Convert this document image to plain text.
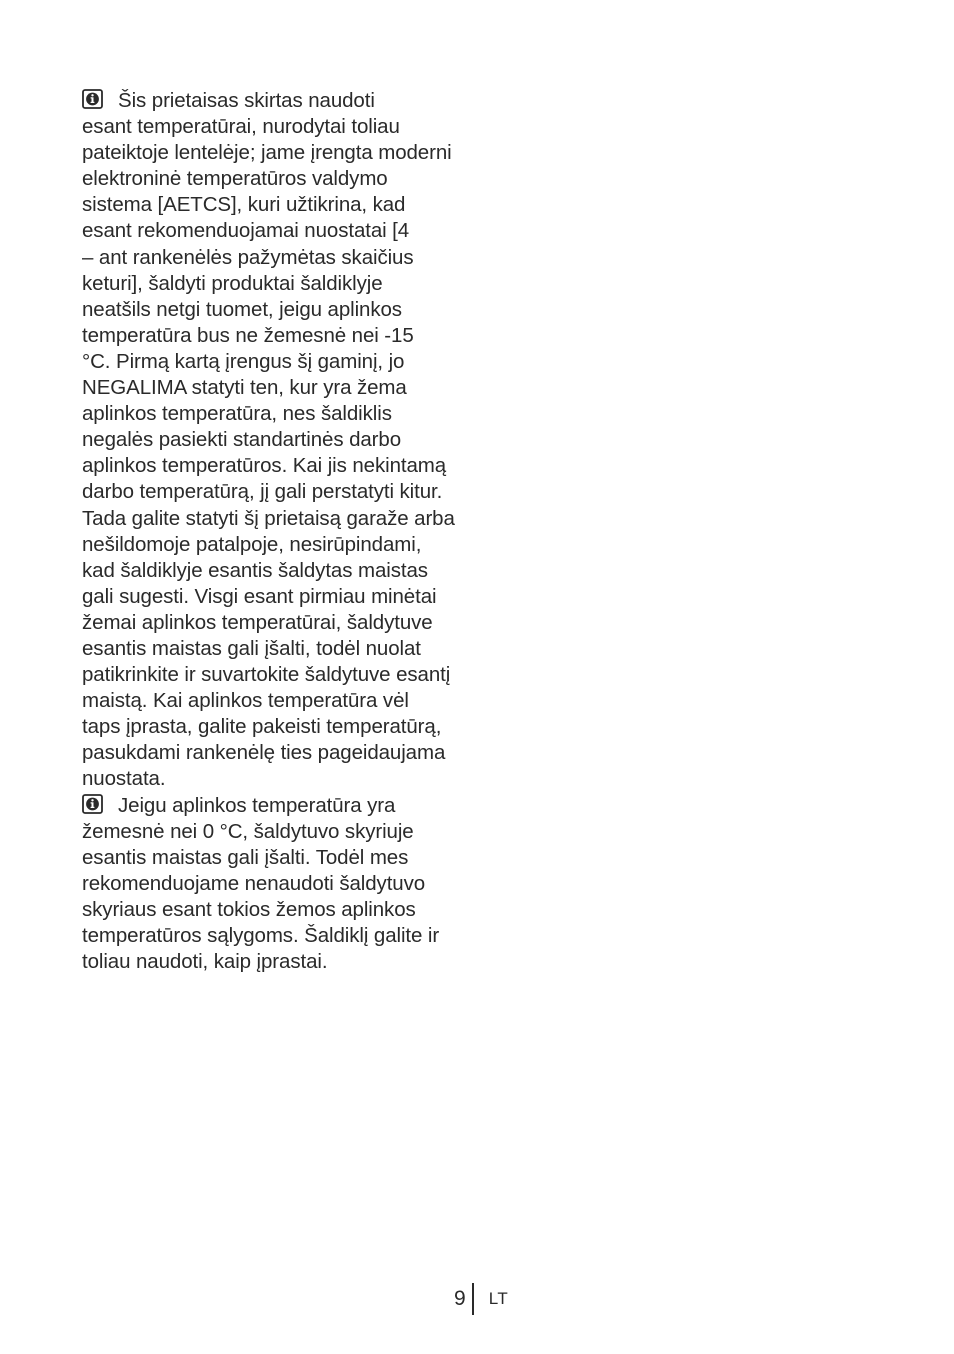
Šis prietaisas skirtas naudoti
esant temperatūrai, nurodytai toliau
pateiktoje lentelėje; jame įrengta moderni
elektroninė temperatūros valdymo
sistema [AETCS], kuri užtikrina, kad
esant rekomenduojamai nuostatai [4
– ant rankenėlės pažymėtas skaičius
keturi], šaldyti produktai šaldiklyje
neatšils netgi tuomet, jeigu aplinkos
temperatūra bus ne žemesnė nei -15
°C. Pirmą kartą įrengus šį gaminį, jo
NEGALIMA statyti ten, kur yra žema
aplinkos temperatūra, nes šaldiklis
negalės pasiekti standartinės darbo
aplinkos temperatūros. Kai jis nekintamą
darbo temperatūrą, jį gali perstatyti kitur.
Tada galite statyti šį prietaisą garaže arba
nešildomoje patalpoje, nesirūpindami,
kad šaldiklyje esantis šaldytas maistas
gali sugesti. Visgi esant pirmiau minėtai
žemai aplinkos temperatūrai, šaldytuve
esantis maistas gali įšalti, todėl nuolat
patikrinkite ir suvartokite šaldytuve esantį
maistą. Kai aplinkos temperatūra vėl
taps įprasta, galite pakeisti temperatūrą,
pasukdami rankenėlę ties pageidaujama
nuostata.
Jeigu aplinkos temperatūra yra
žemesnė nei 0 °C, šaldytuvo skyriuje
esantis maistas gali įšalti. Todėl mes
rekomenduojame nenaudoti šaldytuvo
skyriaus esant tokios žemos aplinkos
temperatūros sąlygoms. Šaldiklį galite ir
toliau naudoti, kaip įprastai.
9 LT
